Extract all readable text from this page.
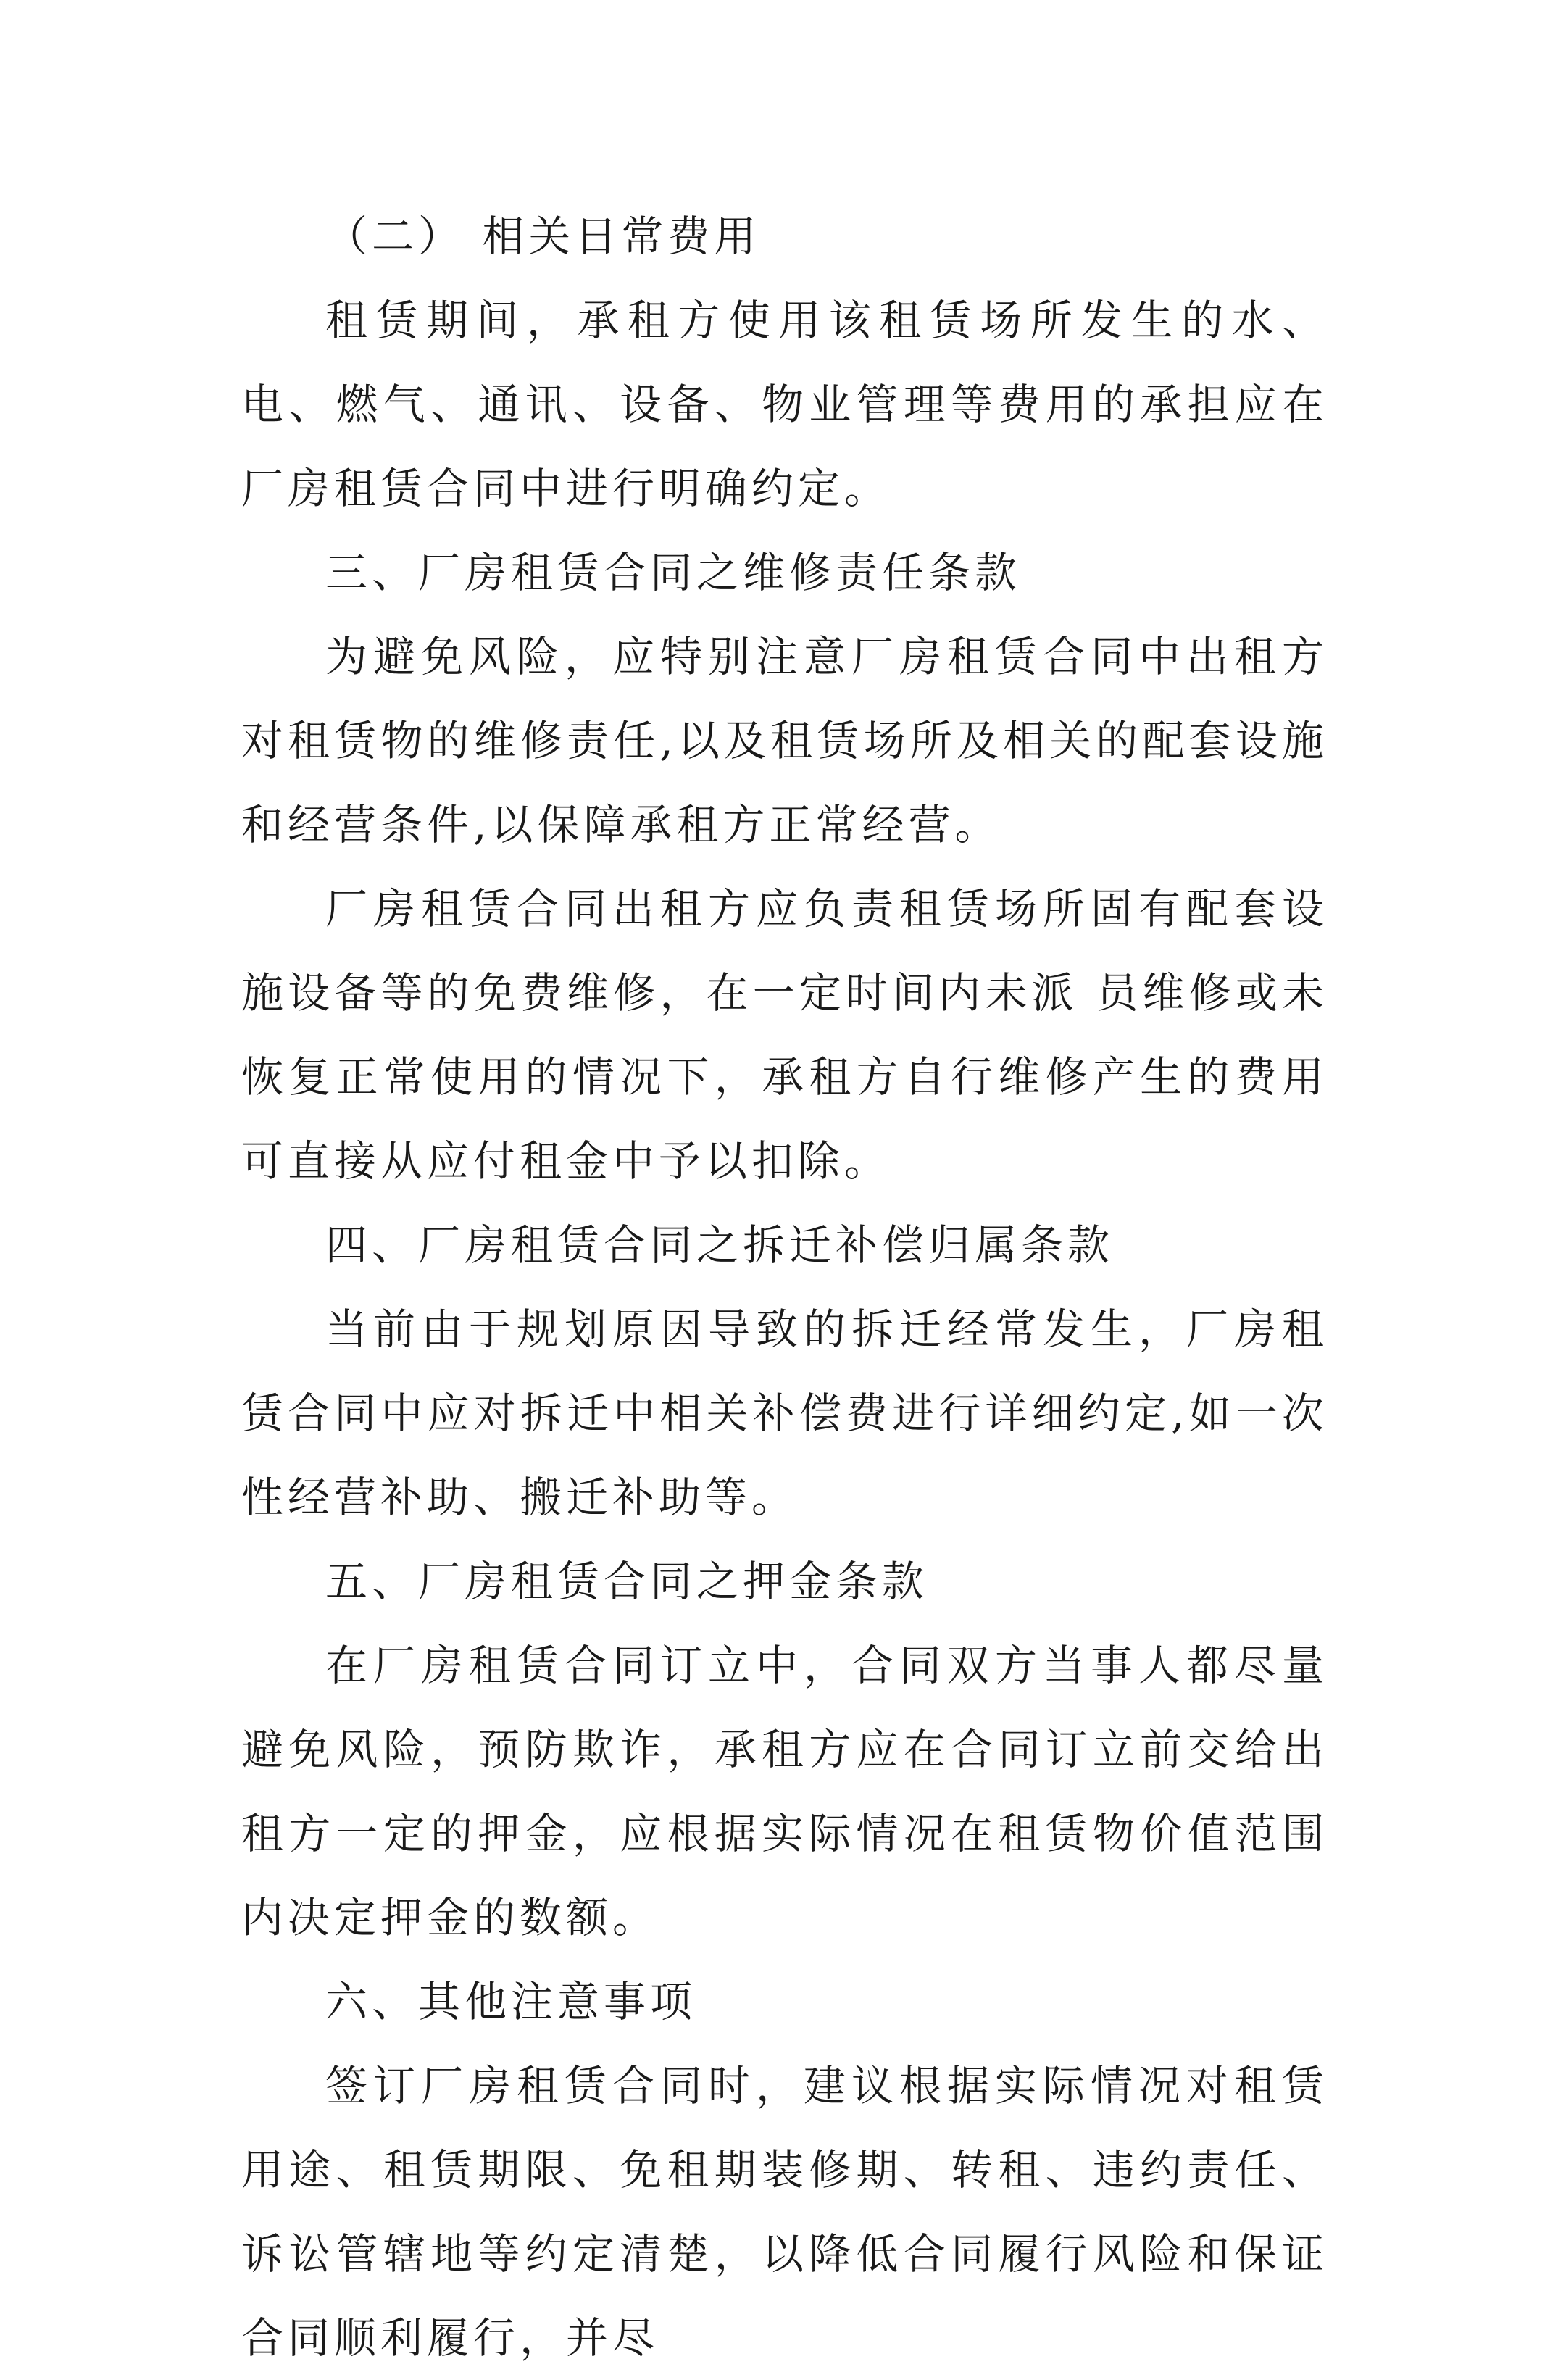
（二） 相关日常费用

租赁期间，承租方使用该租赁场所发生的水、电、燃气、通讯、设备、物业管理等费用的承担应在厂房租赁合同中进行明确约定。

三、厂房租赁合同之维修责任条款

为避免风险，应特别注意厂房租赁合同中出租方对租赁物的维修责任,以及租赁场所及相关的配套设施和经营条件,以保障承租方正常经营。

厂房租赁合同出租方应负责租赁场所固有配套设施设备等的免费维修，在一定时间内未派 员维修或未恢复正常使用的情况下，承租方自行维修产生的费用可直接从应付租金中予以扣除。

四、厂房租赁合同之拆迁补偿归属条款

当前由于规划原因导致的拆迁经常发生，厂房租赁合同中应对拆迁中相关补偿费进行详细约定,如一次性经营补助、搬迁补助等。

五、厂房租赁合同之押金条款

在厂房租赁合同订立中，合同双方当事人都尽量避免风险，预防欺诈，承租方应在合同订立前交给出租方一定的押金，应根据实际情况在租赁物价值范围内决定押金的数额。

六、其他注意事项

签订厂房租赁合同时，建议根据实际情况对租赁用途、租赁期限、免租期装修期、转租、违约责任、诉讼管辖地等约定清楚，以降低合同履行风险和保证合同顺利履行，并尽
